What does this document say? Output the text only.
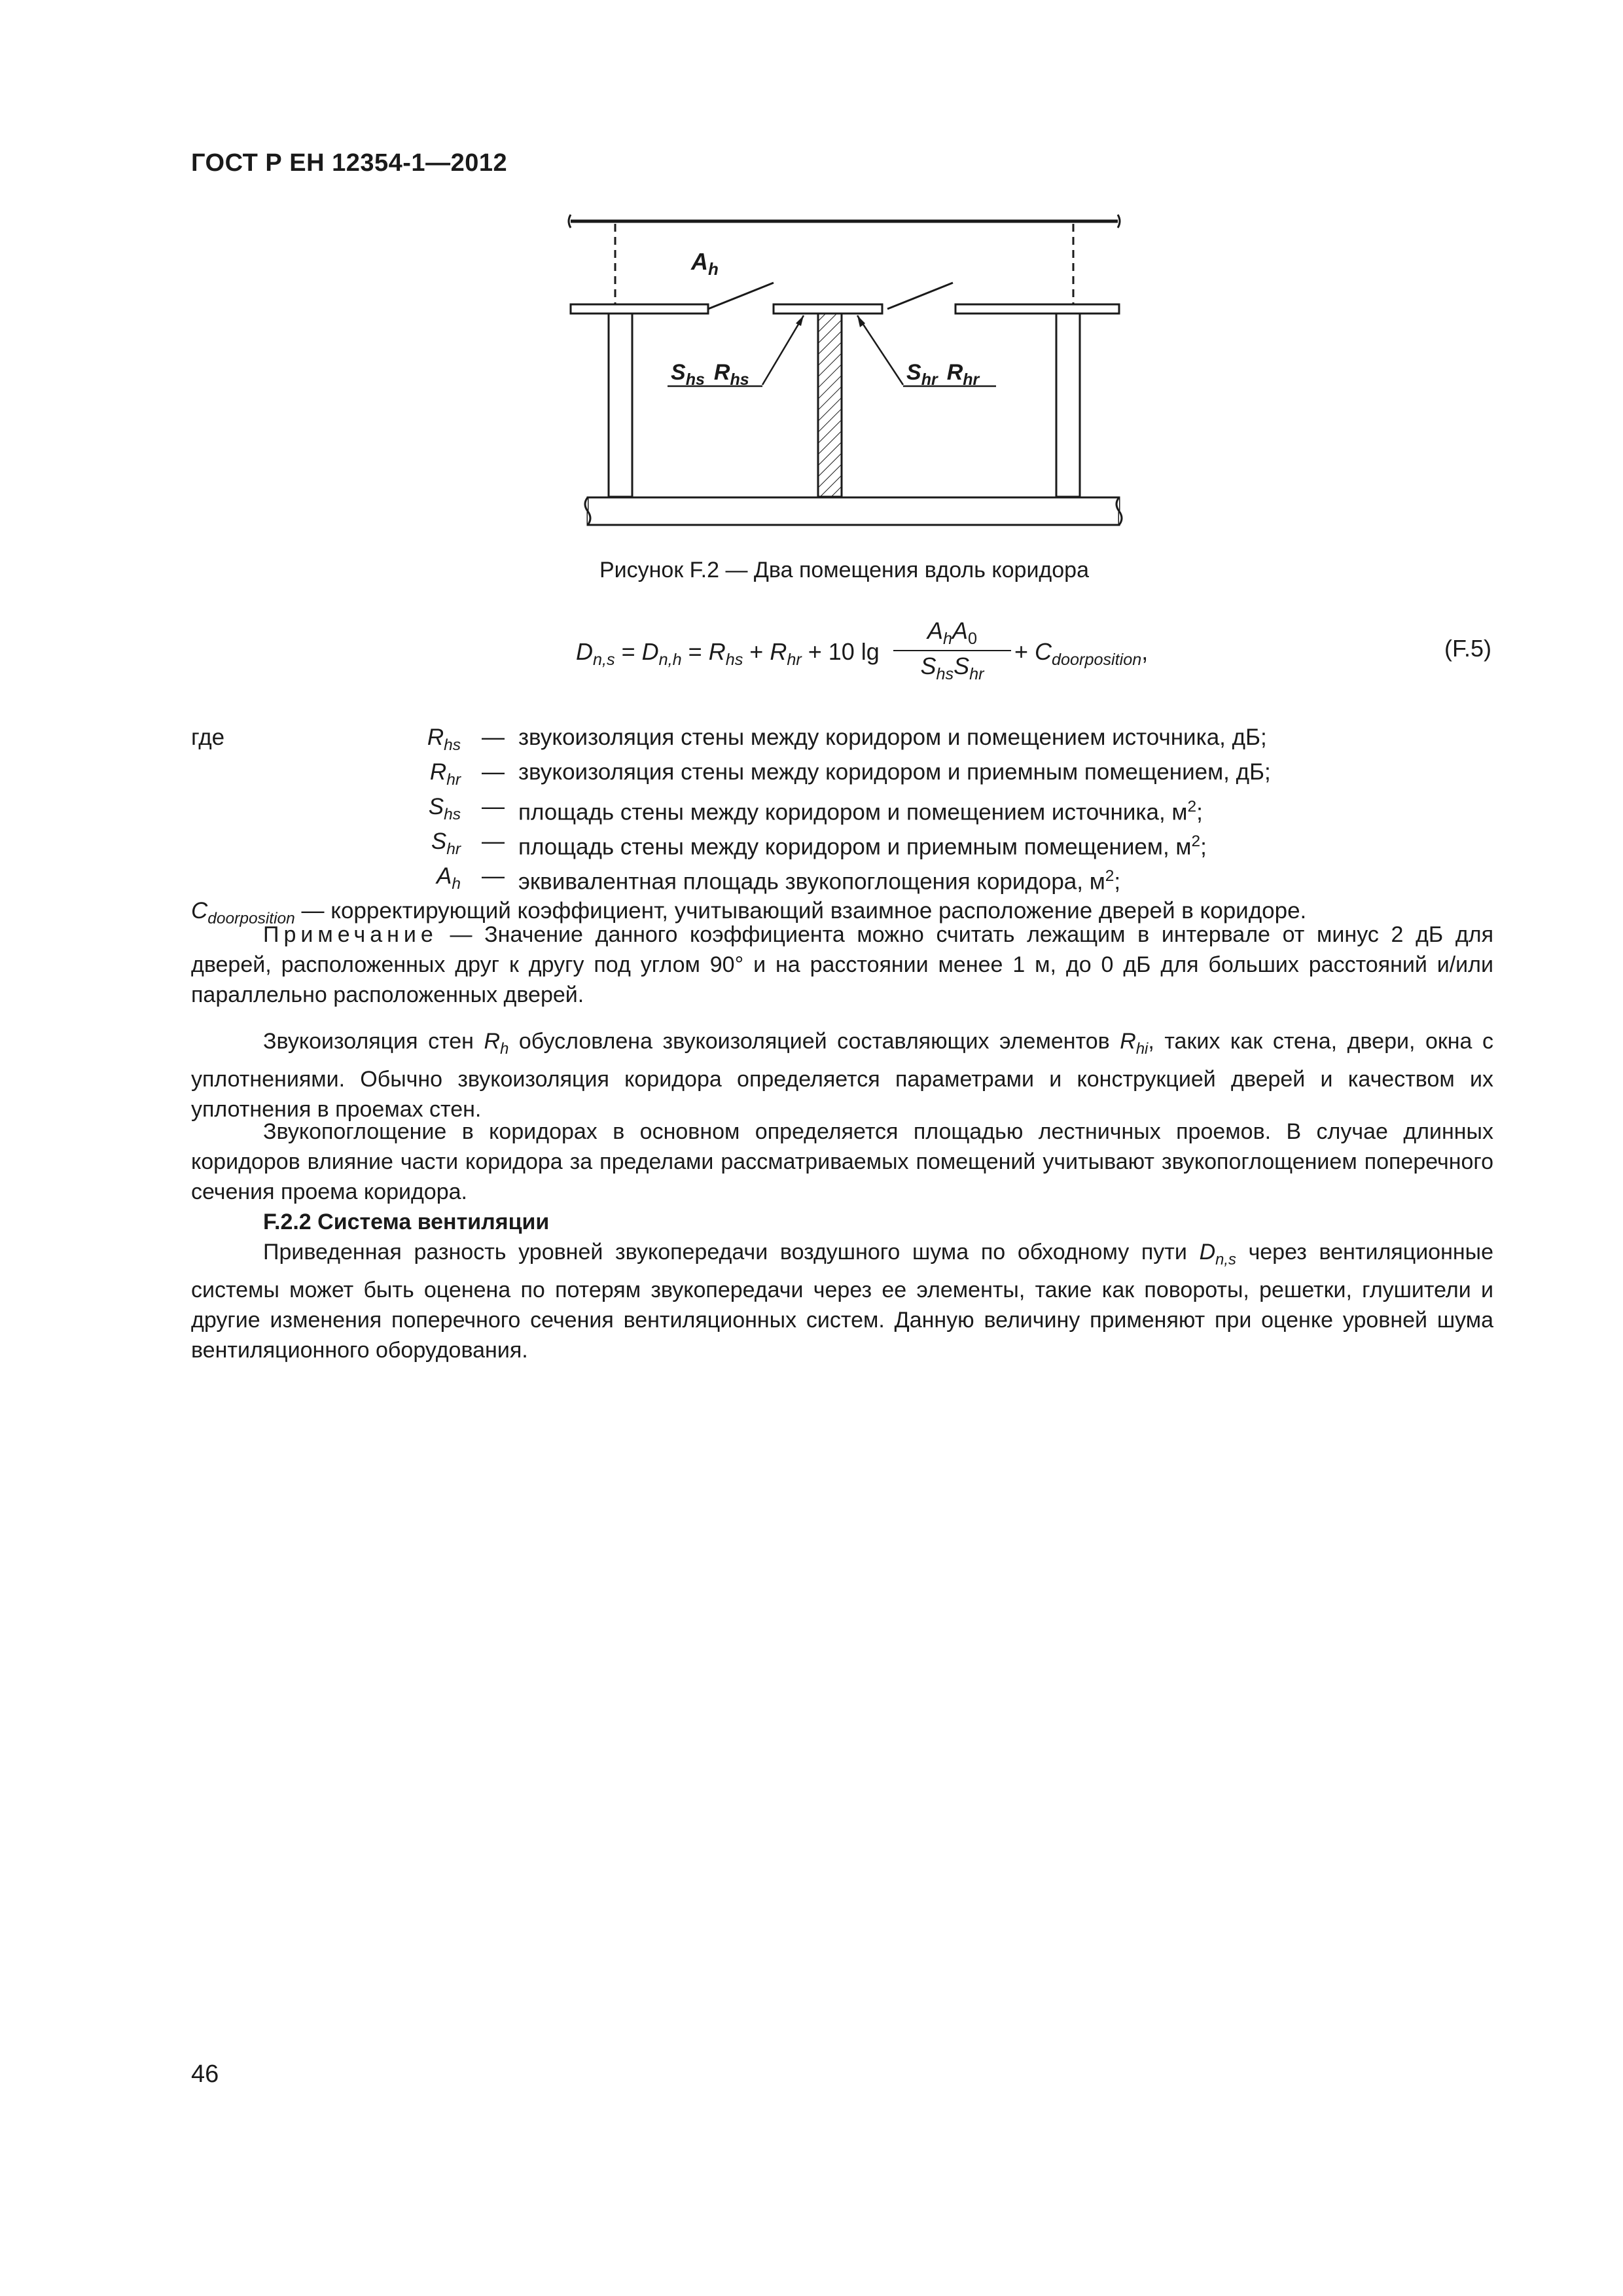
ГОСТ Р ЕН 12354-1—2012
$A_h$
$S_{hs}$ $R_{hs}$	$S_{hr}$ $R_{hr}$
Рисунок F.2 — Два помещения вдоль коридора
$D_{n,s} = D_{n,h} = R_{hs} + R_{hr} + 10$ lg
$A_hA_0$
$S_{hs}S_{hr}$
+ $C_{doorposition}$,	(F.5)
где	$R_{hs}$ — звукоизоляция стены между коридором и помещением источника, дБ;
$R_{hr}$ — звукоизоляция стены между коридором и приемным помещением, дБ;
$S_{hs}$ — площадь стены между коридором и помещением источника, $м^2$;
$S_{hr}$ — площадь стены между коридором и приемным помещением, $м^2$;
$A_h$ — эквивалентная площадь звукопоглощения коридора, $м^2$;
$C_{doorposition}$ — корректирующий коэффициент, учитывающий взаимное расположение дверей в коридоре.
Примечание — Значение данного коэффициента можно считать лежащим в интервале от минус 2 дБ для дверей, расположенных друг к другу под углом 90° и на расстоянии менее 1 м, до 0 дБ для больших расстояний и/или параллельно расположенных дверей.
Звукоизоляция стен $R_h$ обусловлена звукоизоляцией составляющих элементов $R_{hi}$, таких как стена, двери, окна с уплотнениями. Обычно звукоизоляция коридора определяется параметрами и конструкцией дверей и качеством их уплотнения в проемах стен.
Звукопоглощение в коридорах в основном определяется площадью лестничных проемов. В случае длинных коридоров влияние части коридора за пределами рассматриваемых помещений учитывают звукопоглощением поперечного сечения проема коридора.
F.2.2 Система вентиляции
Приведенная разность уровней звукопередачи воздушного шума по обходному пути $D_{n,s}$ через вентиляционные системы может быть оценена по потерям звукопередачи через ее элементы, такие как повороты, решетки, глушители и другие изменения поперечного сечения вентиляционных систем. Данную величину применяют при оценке уровней шума вентиляционного оборудования.
46
